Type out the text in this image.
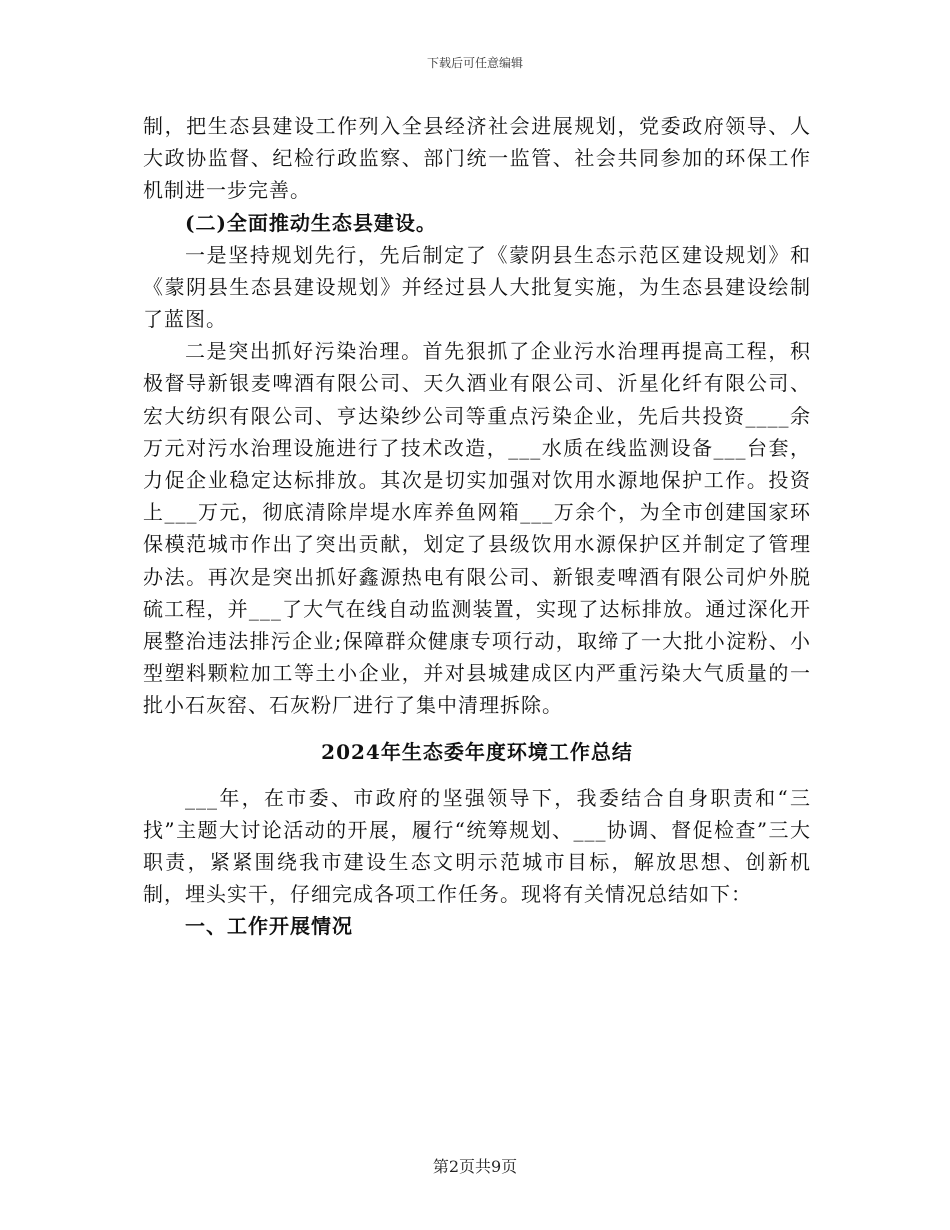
下载后可任意编辑

制，把生态县建设工作列入全县经济社会进展规划，党委政府领导、人大政协监督、纪检行政监察、部门统一监管、社会共同参加的环保工作机制进一步完善。

(二)全面推动生态县建设。

一是坚持规划先行，先后制定了《蒙阴县生态示范区建设规划》和《蒙阴县生态县建设规划》并经过县人大批复实施，为生态县建设绘制了蓝图。

二是突出抓好污染治理。首先狠抓了企业污水治理再提高工程，积极督导新银麦啤酒有限公司、天久酒业有限公司、沂星化纤有限公司、宏大纺织有限公司、亨达染纱公司等重点污染企业，先后共投资____余万元对污水治理设施进行了技术改造，___水质在线监测设备___台套，力促企业稳定达标排放。其次是切实加强对饮用水源地保护工作。投资上___万元，彻底清除岸堤水库养鱼网箱___万余个，为全市创建国家环保模范城市作出了突出贡献，划定了县级饮用水源保护区并制定了管理办法。再次是突出抓好鑫源热电有限公司、新银麦啤酒有限公司炉外脱硫工程，并___了大气在线自动监测装置，实现了达标排放。通过深化开展整治违法排污企业;保障群众健康专项行动，取缔了一大批小淀粉、小型塑料颗粒加工等土小企业，并对县城建成区内严重污染大气质量的一批小石灰窑、石灰粉厂进行了集中清理拆除。

2024年生态委年度环境工作总结

___年，在市委、市政府的坚强领导下，我委结合自身职责和“三找”主题大讨论活动的开展，履行“统筹规划、___协调、督促检查”三大职责，紧紧围绕我市建设生态文明示范城市目标，解放思想、创新机制，埋头实干，仔细完成各项工作任务。现将有关情况总结如下：

一、工作开展情况

第2页共9页
